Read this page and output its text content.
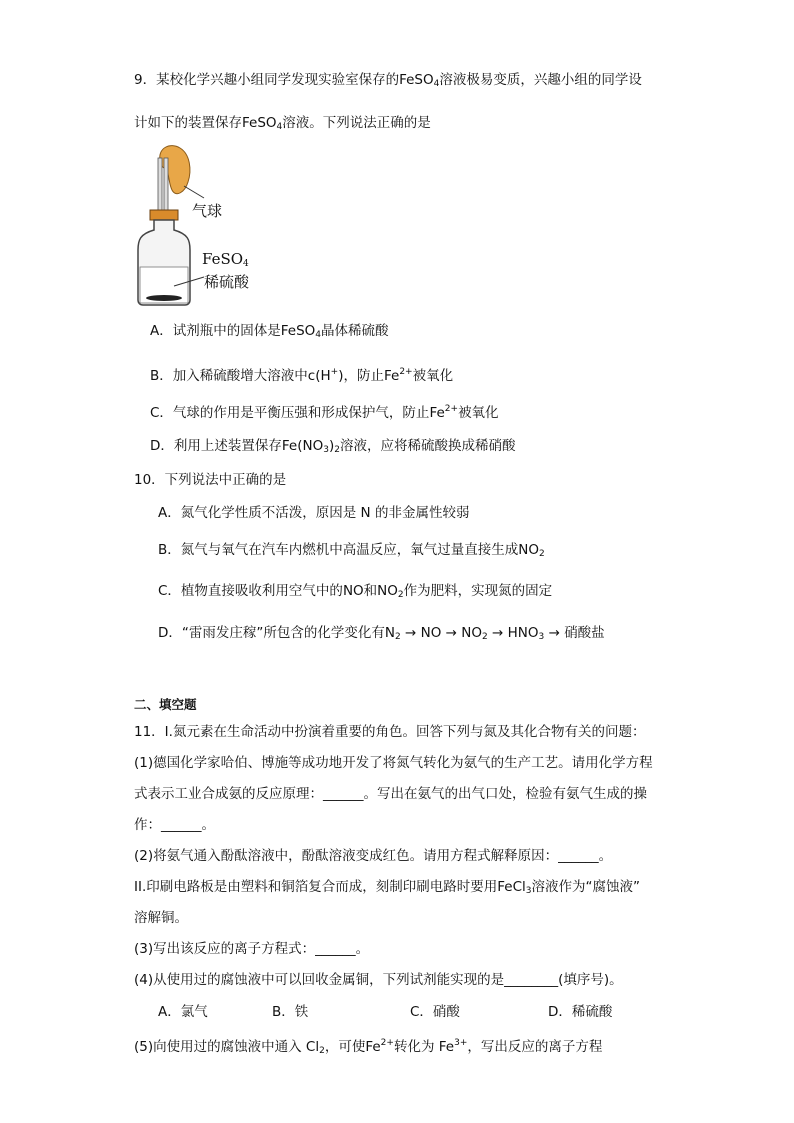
9．某校化学兴趣小组同学发现实验室保存的FeSO$_4$溶液极易变质，兴趣小组的同学设
计如下的装置保存FeSO$_4$溶液。下列说法正确的是
气球
FeSO$_4$
稀硫酸
A．试剂瓶中的固体是FeSO$_4$晶体稀硫酸
B．加入稀硫酸增大溶液中c(H+)，防止$Fe^{2+}$被氧化
C．气球的作用是平衡压强和形成保护气，防止$Fe^{2+}$被氧化
D．利用上述装置保存$Fe(NO_3)_2$溶液，应将稀硫酸换成稀硝酸
10．下列说法中正确的是
A．氮气化学性质不活泼，原因是 N 的非金属性较弱
B．氮气与氧气在汽车内燃机中高温反应，氧气过量直接生成$NO_2$
C．植物直接吸收利用空气中的NO和$NO_2$作为肥料，实现氮的固定
D．“雷雨发庄稼”所包含的化学变化有$N_2$ → NO → $NO_2 \to HNO_3$ → 硝酸盐
二、填空题
11．I.氮元素在生命活动中扮演着重要的角色。回答下列与氮及其化合物有关的问题：
(1)德国化学家哈伯、博施等成功地开发了将氮气转化为氨气的生产工艺。请用化学方程
式表示工业合成氨的反应原理：______。写出在氨气的出气口处，检验有氨气生成的操
作：______。
(2)将氨气通入酚酞溶液中，酚酞溶液变成红色。请用方程式解释原因：______。
II.印刷电路板是由塑料和铜箔复合而成，刻制印刷电路时要用FeCl$_3$溶液作为“腐蚀液”
溶解铜。
(3)写出该反应的离子方程式：______。
(4)从使用过的腐蚀液中可以回收金属铜，下列试剂能实现的是________(填序号)。
A．氯气	B．铁	C．硝酸	D．稀硫酸
(5)向使用过的腐蚀液中通入 $Cl_2$，可使$Fe^{2+}$转化为 $Fe^{3+}$，写出反应的离子方程
